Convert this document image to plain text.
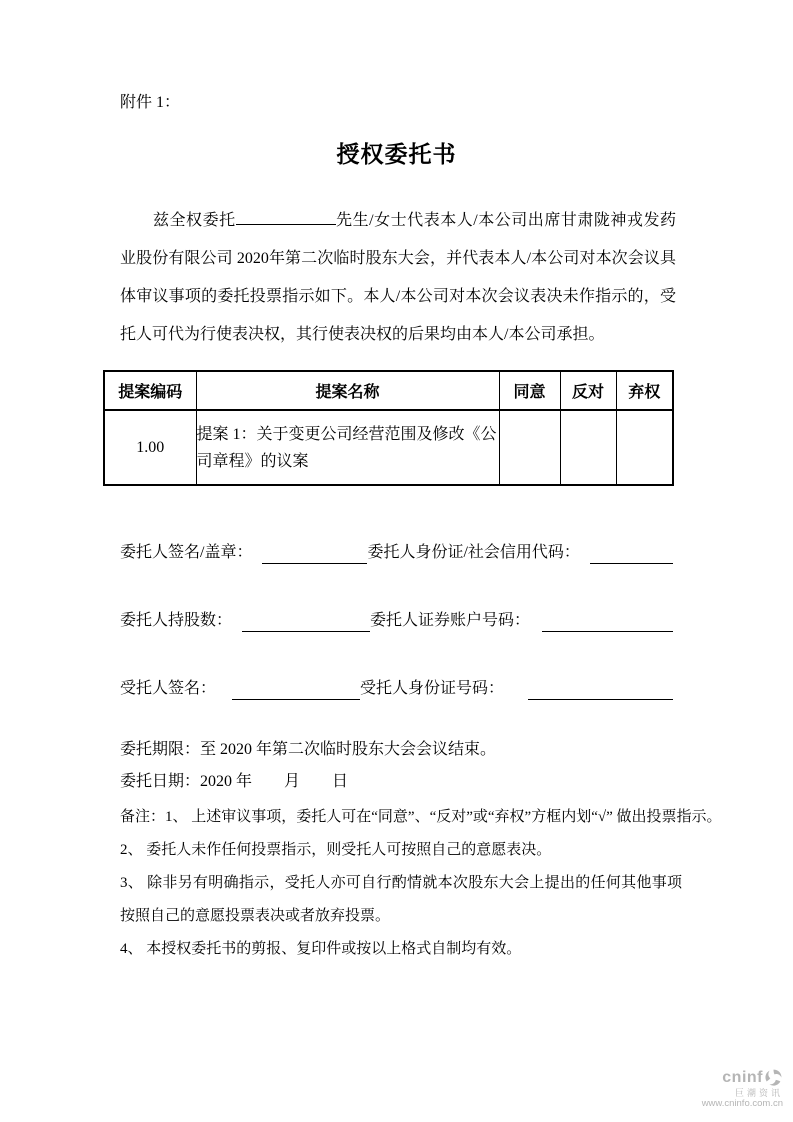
附件 1：
授权委托书

兹全权委托	先生/女士代表本人/本公司出席甘肃陇神戎发药业股份有限公司 2020年第二次临时股东大会，并代表本人/本公司对本次会议具体审议事项的委托投票指示如下。本人/本公司对本次会议表决未作指示的，受托人可代为行使表决权，其行使表决权的后果均由本人/本公司承担。

提案编码	提案名称	同意	反对	弃权
1.00	提案 1：关于变更公司经营范围及修改《公司章程》的议案			
委托人签名/盖章：	委托人身份证/社会信用代码：
委托人持股数：	委托人证券账户号码：
受托人签名：	受托人身份证号码：

委托期限：至 2020 年第二次临时股东大会会议结束。

委托日期：2020 年　　月　　日

备注：1、 上述审议事项，委托人可在“同意”、“反对”或“弃权”方框内划“√” 做出投票指示。

2、 委托人未作任何投票指示，则受托人可按照自己的意愿表决。

3、 除非另有明确指示，受托人亦可自行酌情就本次股东大会上提出的任何其他事项按照自己的意愿投票表决或者放弃投票。

4、 本授权委托书的剪报、复印件或按以上格式自制均有效。

cninf
巨潮资讯
www.cninfo.com.cn
